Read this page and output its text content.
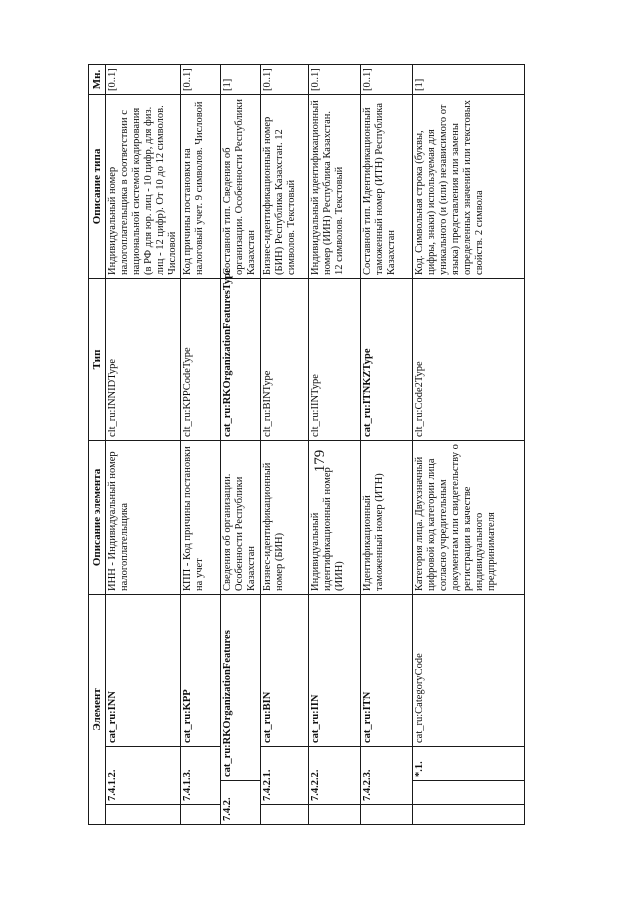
179
Элемент				Описание элемента	Тип	Описание типа	Мн.
	7.4.1.2.		cat_ru:INN	ИНН - Индивидуальный номер налогоплательщика	clt_ru:INNIDType	Индивидуальный номер налогоплательщика в соответствии с национальной системой кодирования (в РФ для юр. лиц - 10 цифр, для физ. лиц - 12 цифр). От 10 до 12 символов. Числовой	[0..1]
	7.4.1.3.		cat_ru:KPP	КПП - Код причины постановки на учет	clt_ru:KPPCodeType	Код причины постановки на налоговый учет. 9 символов. Числовой	[0..1]
7.4.2.		cat_ru:RKOrganizationFeatures		Сведения об организации. Особенности Республики Казахстан	cat_ru:RKOrganizationFeaturesType	Составной тип. Сведения об организации. Особенности Республики Казахстан	[1]
	7.4.2.1.		cat_ru:BIN	Бизнес-идентификационный номер (БИН)	clt_ru:BINType	Бизнес-идентификационный номер (БИН) Республика Казахстан. 12 символов. Текстовый	[0..1]
	7.4.2.2.		cat_ru:IIN	Индивидуальный идентификационный номер (ИИН)	clt_ru:IINType	Индивидуальный идентификационный номер (ИИН) Республика Казахстан. 12 символов. Текстовый	[0..1]
	7.4.2.3.		cat_ru:ITN	Идентификационный таможенный номер (ИТН)	cat_ru:ITNKZType	Составной тип. Идентификационный таможенный номер (ИТН) Республика Казахстан	[0..1]
		*.1.	cat_ru:CategoryCode	Категория лица. Двухзначный цифровой код категории лица согласно учредительным документам или свидетельству о регистрации в качестве индивидуального предпринимателя	clt_ru:Code2Type	Код. Символьная строка (буквы, цифры, знаки) используемая для уникального (и (или) независимого от языка) представления или замены определенных значений или текстовых свойств. 2 символа	[1]
